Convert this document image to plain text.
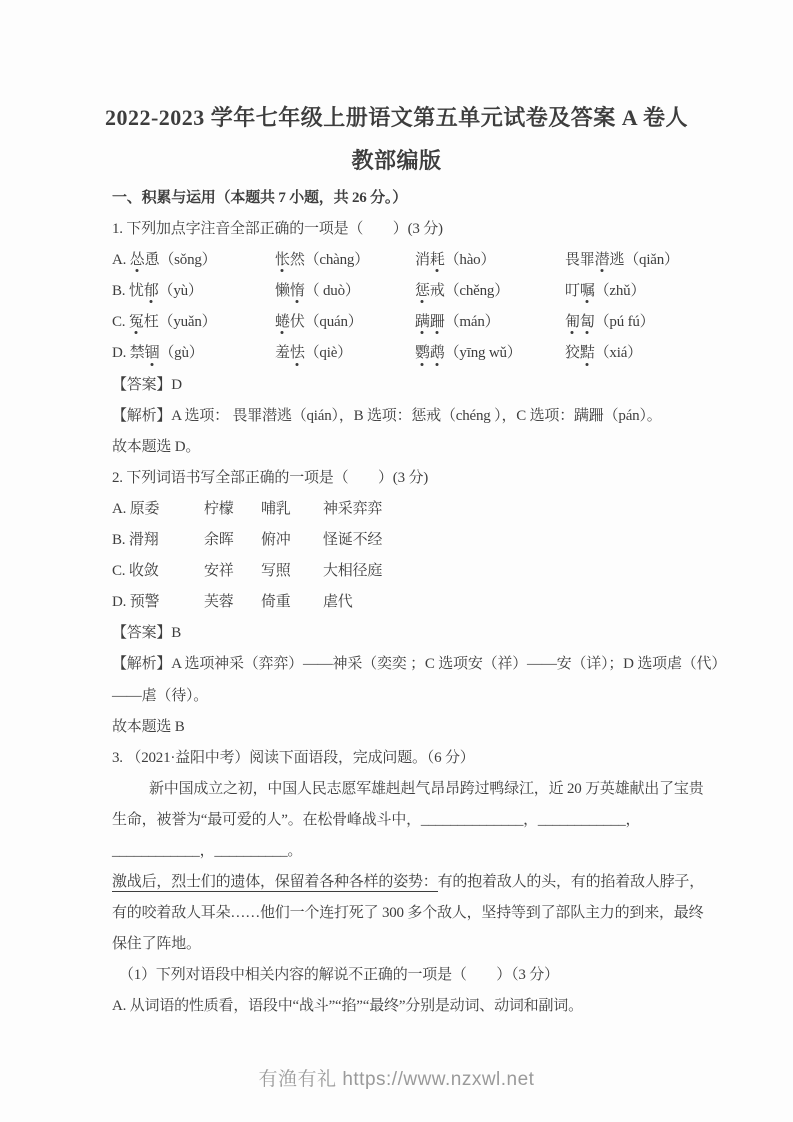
2022-2023 学年七年级上册语文第五单元试卷及答案 A 卷人
教部编版
一、积累与运用（本题共 7 小题，共 26 分。）
1. 下列加点字注音全部正确的一项是（　　）(3 分)
A. 怂恿（sǒng）	怅然（chàng）	消耗（hào）	畏罪潜逃（qiǎn）
B. 忧郁（yù）	懒惰（ duò）	惩戒（chěng）	叮嘱（zhǔ）
C. 冤枉（yuǎn）	蜷伏（quán）	蹒跚（mán）	匍匐（pú fú）
D. 禁锢（gù）	羞怯（qiè）	鹦鹉（yīng wǔ）	狡黠（xiá）
【答案】D
【解析】A 选项： 畏罪潜逃（qián），B 选项：惩戒（chéng ），C 选项：蹒跚（pán）。
故本题选 D。
2. 下列词语书写全部正确的一项是（　　）(3 分)
A. 原委	柠檬	哺乳	神采弈弈
B. 滑翔	余晖	俯冲	怪诞不经
C. 收敛	安祥	写照	大相径庭
D. 预警	芙蓉	倚重	虐代
【答案】B
【解析】A 选项神采（弈弈）——神采（奕奕 ；C 选项安（祥）——安（详）；D 选项虐（代）
——虐（待）。
故本题选 B
3. （2021·益阳中考）阅读下面语段，完成问题。（6 分）
新中国成立之初，中国人民志愿军雄赳赳气昂昂跨过鸭绿江，近 20 万英雄献出了宝贵
生命，被誉为“最可爱的人”。在松骨峰战斗中，______________，____________，
____________，__________。
激战后，烈士们的遗体，保留着各种各样的姿势：有的抱着敌人的头，有的掐着敌人脖子，
有的咬着敌人耳朵……他们一个连打死了 300 多个敌人，坚持等到了部队主力的到来，最终
保住了阵地。
（1）下列对语段中相关内容的解说不正确的一项是（　　）（3 分）
A. 从词语的性质看，语段中“战斗”“掐”“最终”分别是动词、动词和副词。
有渔有礼 https://www.nzxwl.net
